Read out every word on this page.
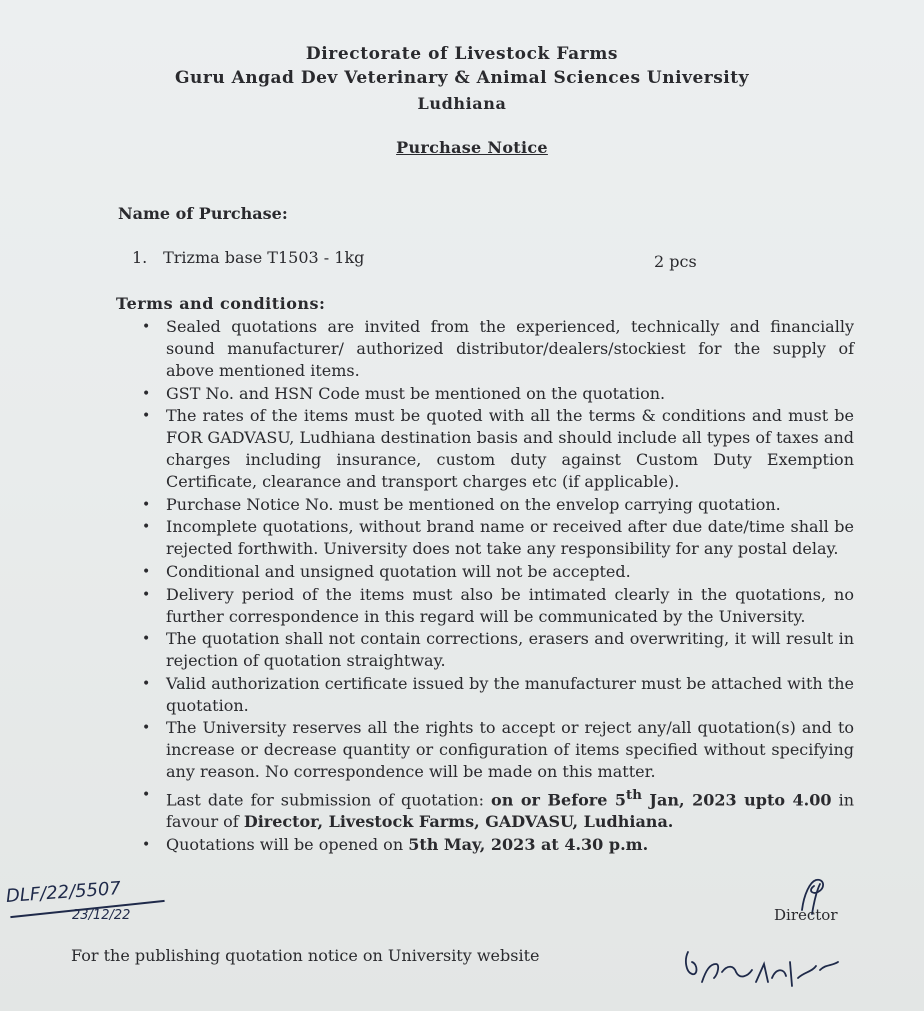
Directorate of Livestock Farms
Guru Angad Dev Veterinary & Animal Sciences University
Ludhiana
Purchase Notice
Name of Purchase:
1. Trizma base T1503 - 1kg	2 pcs
Terms and conditions:
• Sealed quotations are invited from the experienced, technically and financially sound manufacturer/ authorized distributor/dealers/stockiest for the supply of above mentioned items.
• GST No. and HSN Code must be mentioned on the quotation.
• The rates of the items must be quoted with all the terms & conditions and must be FOR GADVASU, Ludhiana destination basis and should include all types of taxes and charges including insurance, custom duty against Custom Duty Exemption Certificate, clearance and transport charges etc (if applicable).
• Purchase Notice No. must be mentioned on the envelop carrying quotation.
• Incomplete quotations, without brand name or received after due date/time shall be rejected forthwith. University does not take any responsibility for any postal delay.
• Conditional and unsigned quotation will not be accepted.
• Delivery period of the items must also be intimated clearly in the quotations, no further correspondence in this regard will be communicated by the University.
• The quotation shall not contain corrections, erasers and overwriting, it will result in rejection of quotation straightway.
• Valid authorization certificate issued by the manufacturer must be attached with the quotation.
• The University reserves all the rights to accept or reject any/all quotation(s) and to increase or decrease quantity or configuration of items specified without specifying any reason. No correspondence will be made on this matter.
• Last date for submission of quotation: on or Before 5th Jan, 2023 upto 4.00 in favour of Director, Livestock Farms, GADVASU, Ludhiana.
• Quotations will be opened on 5th May, 2023 at 4.30 p.m.
DLF/22/5507
23/12/22	Director
For the publishing quotation notice on University website
